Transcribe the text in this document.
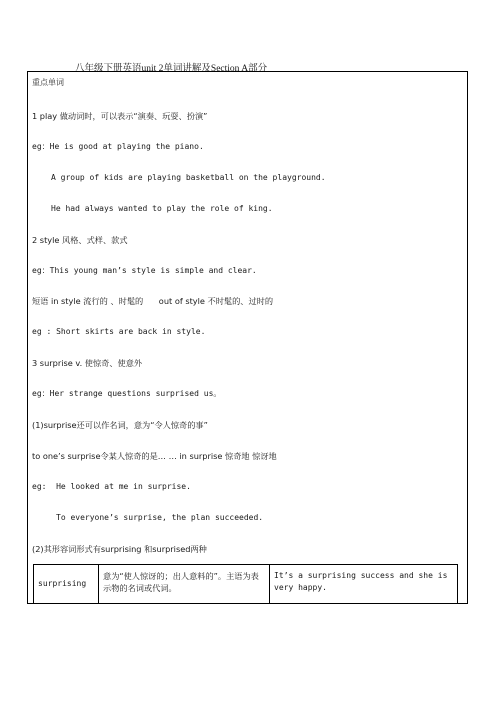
八年级下册英语unit 2单词讲解及Section A部分
重点单词
1 play 做动词时，可以表示“演奏、玩耍、扮演”
eg：He is good at playing the piano.
A group of kids are playing basketball on the playground.
He had always wanted to play the role of king.
2 style 风格、式样、款式
eg：This young man’s style is simple and clear.
短语 in style 流行的 、时髦的      out of style 不时髦的、过时的
eg : Short skirts are back in style.
3 surprise v. 使惊奇、使意外
eg：Her strange questions surprised us。
(1)surprise还可以作名词，意为“令人惊奇的事”
to one’s surprise令某人惊奇的是… … in surprise 惊奇地 惊讶地
eg:  He looked at me in surprise.
To everyone’s surprise, the plan succeeded.
(2)其形容词形式有surprising 和surprised两种
surprising	意为“使人惊讶的；出人意料的”。主语为表示物的名词或代词。	It’s a surprising success and she is very happy.
